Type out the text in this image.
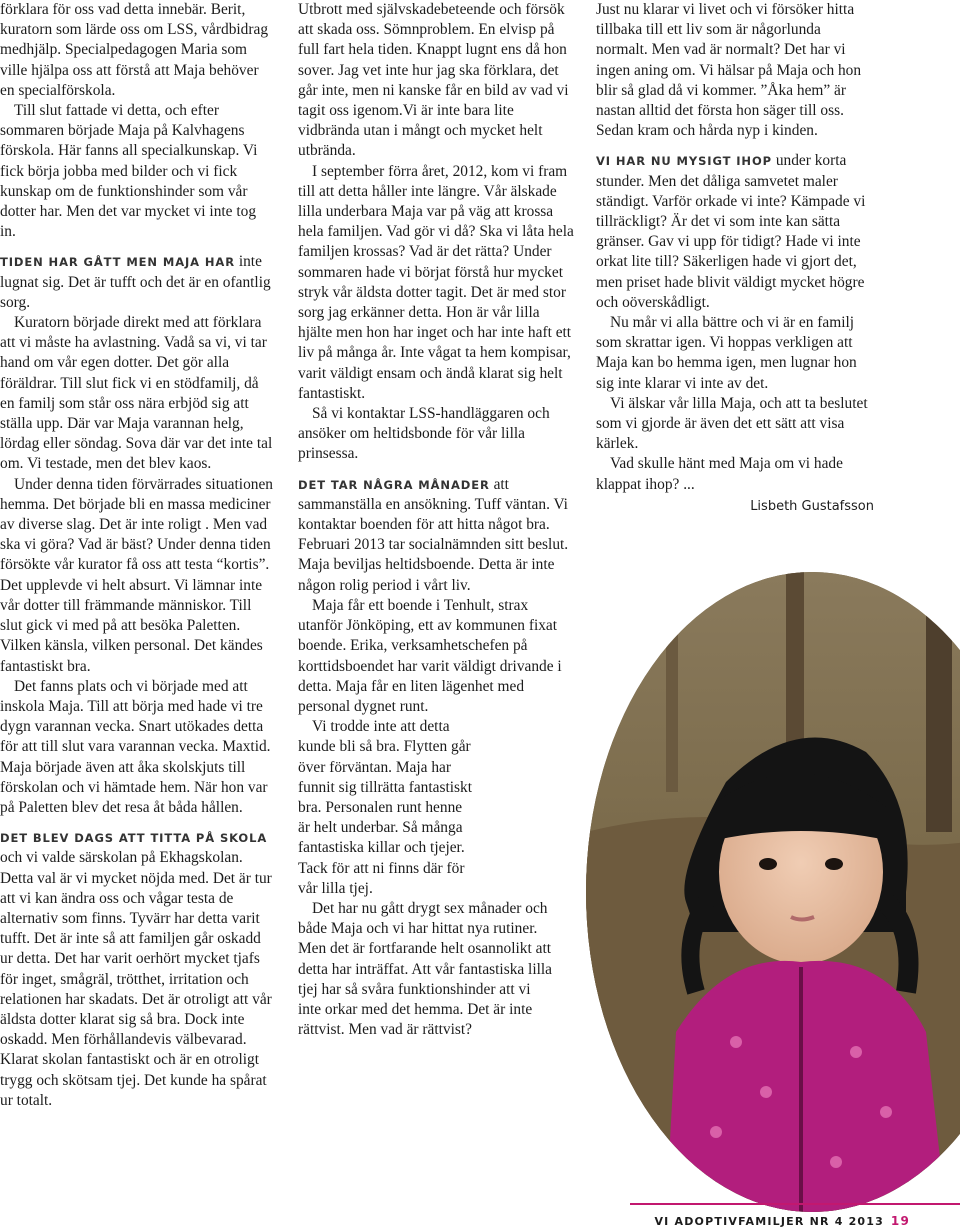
förklara för oss vad detta innebär. Berit, kuratorn som lärde oss om LSS, vårdbidrag medhjälp. Specialpedagogen Maria som ville hjälpa oss att förstå att Maja behöver en specialförskola.

Till slut fattade vi detta, och efter sommaren började Maja på Kalvhagens förskola. Här fanns all specialkunskap. Vi fick börja jobba med bilder och vi fick kunskap om de funktionshinder som vår dotter har. Men det var mycket vi inte tog in.

TIDEN HAR GÅTT MEN MAJA HAR inte lugnat sig. Det är tufft och det är en ofantlig sorg.

Kuratorn började direkt med att förklara att vi måste ha avlastning. Vadå sa vi, vi tar hand om vår egen dotter. Det gör alla föräldrar. Till slut fick vi en stödfamilj, då en familj som står oss nära erbjöd sig att ställa upp. Där var Maja varannan helg, lördag eller söndag. Sova där var det inte tal om. Vi testade, men det blev kaos.

Under denna tiden förvärrades situationen hemma. Det började bli en massa mediciner av diverse slag. Det är inte roligt . Men vad ska vi göra? Vad är bäst? Under denna tiden försökte vår kurator få oss att testa “kortis”. Det upplevde vi helt absurt. Vi lämnar inte vår dotter till främmande människor. Till slut gick vi med på att besöka Paletten. Vilken känsla, vilken personal. Det kändes fantastiskt bra.

Det fanns plats och vi började med att inskola Maja. Till att börja med hade vi tre dygn varannan vecka. Snart utökades detta för att till slut vara varannan vecka. Maxtid. Maja började även att åka skolskjuts till förskolan och vi hämtade hem. När hon var på Paletten blev det resa åt båda hållen.

DET BLEV DAGS ATT TITTA PÅ SKOLA och vi valde särskolan på Ekhagskolan. Detta val är vi mycket nöjda med. Det är tur att vi kan ändra oss och vågar testa de alternativ som finns. Tyvärr har detta varit tufft. Det är inte så att familjen går oskadd ur detta. Det har varit oerhört mycket tjafs för inget, smågräl, trötthet, irritation och relationen har skadats. Det är otroligt att vår äldsta dotter klarat sig så bra. Dock inte oskadd. Men förhållandevis välbevarad. Klarat skolan fantastiskt och är en otroligt trygg och skötsam tjej. Det kunde ha spårat ur totalt.

Utbrott med självskadebeteende och försök att skada oss. Sömnproblem. En elvisp på full fart hela tiden. Knappt lugnt ens då hon sover. Jag vet inte hur jag ska förklara, det går inte, men ni kanske får en bild av vad vi tagit oss igenom.Vi är inte bara lite vidbrända utan i mångt och mycket helt utbrända.

I september förra året, 2012, kom vi fram till att detta håller inte längre. Vår älskade lilla underbara Maja var på väg att krossa hela familjen. Vad gör vi då? Ska vi låta hela familjen krossas? Vad är det rätta? Under sommaren hade vi börjat förstå hur mycket stryk vår äldsta dotter tagit. Det är med stor sorg jag erkänner detta. Hon är vår lilla hjälte men hon har inget och har inte haft ett liv på många år. Inte vågat ta hem kompisar, varit väldigt ensam och ändå klarat sig helt fantastiskt.

Så vi kontaktar LSS-handläggaren och ansöker om heltidsbonde för vår lilla prinsessa.

DET TAR NÅGRA MÅNADER att sammanställa en ansökning. Tuff väntan. Vi kontaktar boenden för att hitta något bra. Februari 2013 tar socialnämnden sitt beslut. Maja beviljas heltidsboende. Detta är inte någon rolig period i vårt liv.

Maja får ett boende i Tenhult, strax utanför Jönköping, ett av kommunen fixat boende. Erika, verksamhetschefen på korttidsboendet har varit väldigt drivande i detta. Maja får en liten lägenhet med personal dygnet runt.

Vi trodde inte att detta kunde bli så bra. Flytten går över förväntan. Maja har funnit sig tillrätta fantastiskt bra. Personalen runt henne är helt underbar. Så många fantastiska killar och tjejer. Tack för att ni finns där för vår lilla tjej.

Det har nu gått drygt sex månader och både Maja och vi har hittat nya rutiner. Men det är fortfarande helt osannolikt att detta har inträffat. Att vår fantastiska lilla tjej har så svåra funktionshinder att vi inte orkar med det hemma. Det är inte rättvist. Men vad är rättvist?

Just nu klarar vi livet och vi försöker hitta tillbaka till ett liv som är någorlunda normalt. Men vad är normalt? Det har vi ingen aning om. Vi hälsar på Maja och hon blir så glad då vi kommer. ”Åka hem” är nastan alltid det första hon säger till oss. Sedan kram och hårda nyp i kinden.

VI HAR NU MYSIGT IHOP under korta stunder. Men det dåliga samvetet maler ständigt. Varför orkade vi inte? Kämpade vi tillräckligt? Är det vi som inte kan sätta gränser. Gav vi upp för tidigt? Hade vi inte orkat lite till? Säkerligen hade vi gjort det, men priset hade blivit väldigt mycket högre och oöverskådligt.

Nu mår vi alla bättre och vi är en familj som skrattar igen. Vi hoppas verkligen att Maja kan bo hemma igen, men lugnar hon sig inte klarar vi inte av det.

Vi älskar vår lilla Maja, och att ta beslutet som vi gjorde är även det ett sätt att visa kärlek.

Vad skulle hänt med Maja om vi hade klappat ihop? ...

Lisbeth Gustafsson

VI ADOPTIVFAMILJER NR 4 2013 19
